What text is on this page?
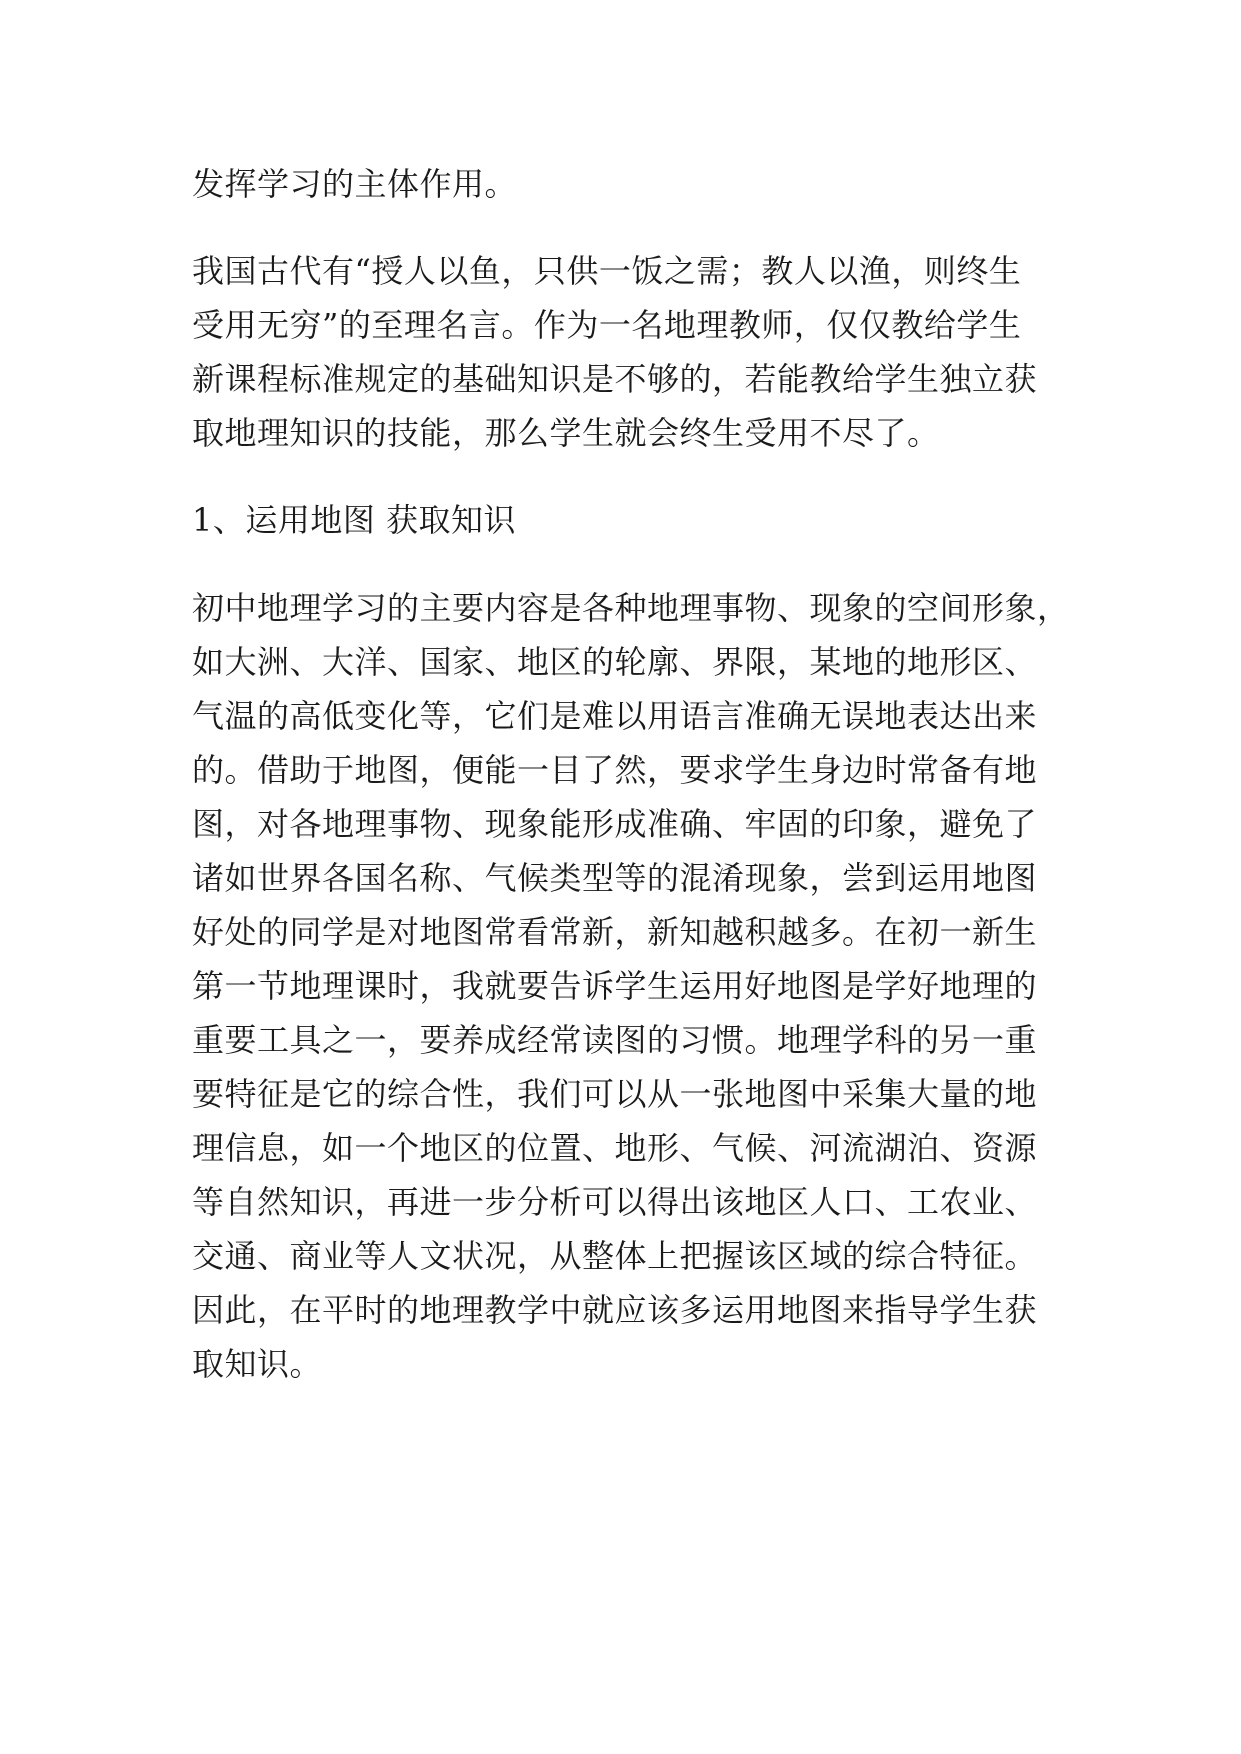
发挥学习的主体作用。

我国古代有“授人以鱼，只供一饭之需；教人以渔，则终生

受用无穷”的至理名言。作为一名地理教师，仅仅教给学生

新课程标准规定的基础知识是不够的，若能教给学生独立获

取地理知识的技能，那么学生就会终生受用不尽了。

1、运用地图 获取知识

初中地理学习的主要内容是各种地理事物、现象的空间形象，

如大洲、大洋、国家、地区的轮廓、界限，某地的地形区、

气温的高低变化等，它们是难以用语言准确无误地表达出来

的。借助于地图，便能一目了然，要求学生身边时常备有地

图，对各地理事物、现象能形成准确、牢固的印象，避免了

诸如世界各国名称、气候类型等的混淆现象，尝到运用地图

好处的同学是对地图常看常新，新知越积越多。在初一新生

第一节地理课时，我就要告诉学生运用好地图是学好地理的

重要工具之一，要养成经常读图的习惯。地理学科的另一重

要特征是它的综合性，我们可以从一张地图中采集大量的地

理信息，如一个地区的位置、地形、气候、河流湖泊、资源

等自然知识，再进一步分析可以得出该地区人口、工农业、

交通、商业等人文状况，从整体上把握该区域的综合特征。

因此，在平时的地理教学中就应该多运用地图来指导学生获

取知识。
